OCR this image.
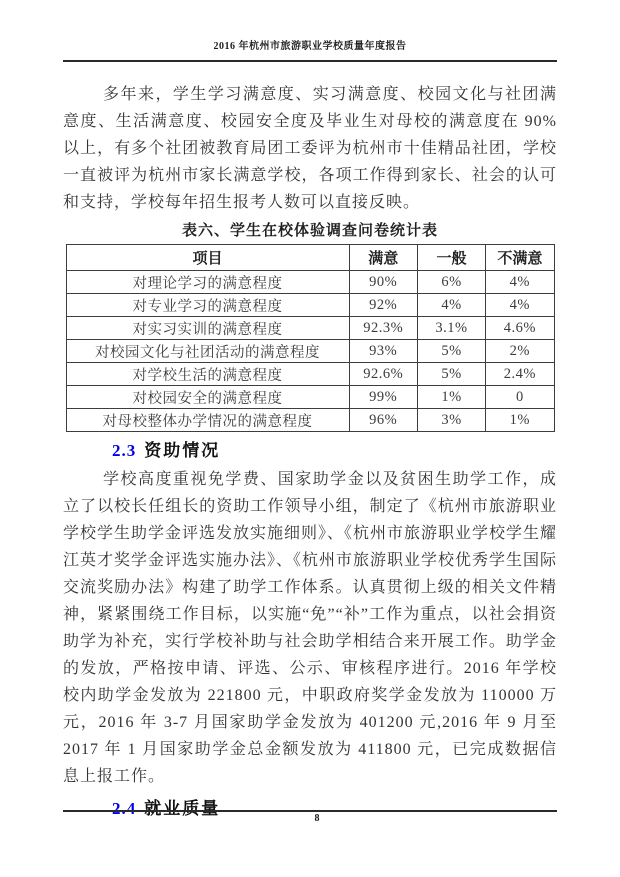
2016 年杭州市旅游职业学校质量年度报告

多年来，学生学习满意度、实习满意度、校园文化与社团满意度、生活满意度、校园安全度及毕业生对母校的满意度在 90%以上，有多个社团被教育局团工委评为杭州市十佳精品社团，学校一直被评为杭州市家长满意学校，各项工作得到家长、社会的认可和支持，学校每年招生报考人数可以直接反映。

表六、学生在校体验调查问卷统计表
项目	满意	一般	不满意
对理论学习的满意程度	90%	6%	4%
对专业学习的满意程度	92%	4%	4%
对实习实训的满意程度	92.3%	3.1%	4.6%
对校园文化与社团活动的满意程度	93%	5%	2%
对学校生活的满意程度	92.6%	5%	2.4%
对校园安全的满意程度	99%	1%	0
对母校整体办学情况的满意程度	96%	3%	1%
2.3 资助情况

学校高度重视免学费、国家助学金以及贫困生助学工作，成立了以校长任组长的资助工作领导小组，制定了《杭州市旅游职业学校学生助学金评选发放实施细则》、《杭州市旅游职业学校学生耀江英才奖学金评选实施办法》、《杭州市旅游职业学校优秀学生国际交流奖励办法》构建了助学工作体系。认真贯彻上级的相关文件精神，紧紧围绕工作目标，以实施“免”“补”工作为重点，以社会捐资助学为补充，实行学校补助与社会助学相结合来开展工作。助学金的发放，严格按申请、评选、公示、审核程序进行。2016 年学校校内助学金发放为 221800 元，中职政府奖学金发放为 110000 万元，2016 年 3-7 月国家助学金发放为 401200 元,2016 年 9 月至 2017 年 1 月国家助学金总金额发放为 411800 元，已完成数据信息上报工作。

2.4 就业质量
8
